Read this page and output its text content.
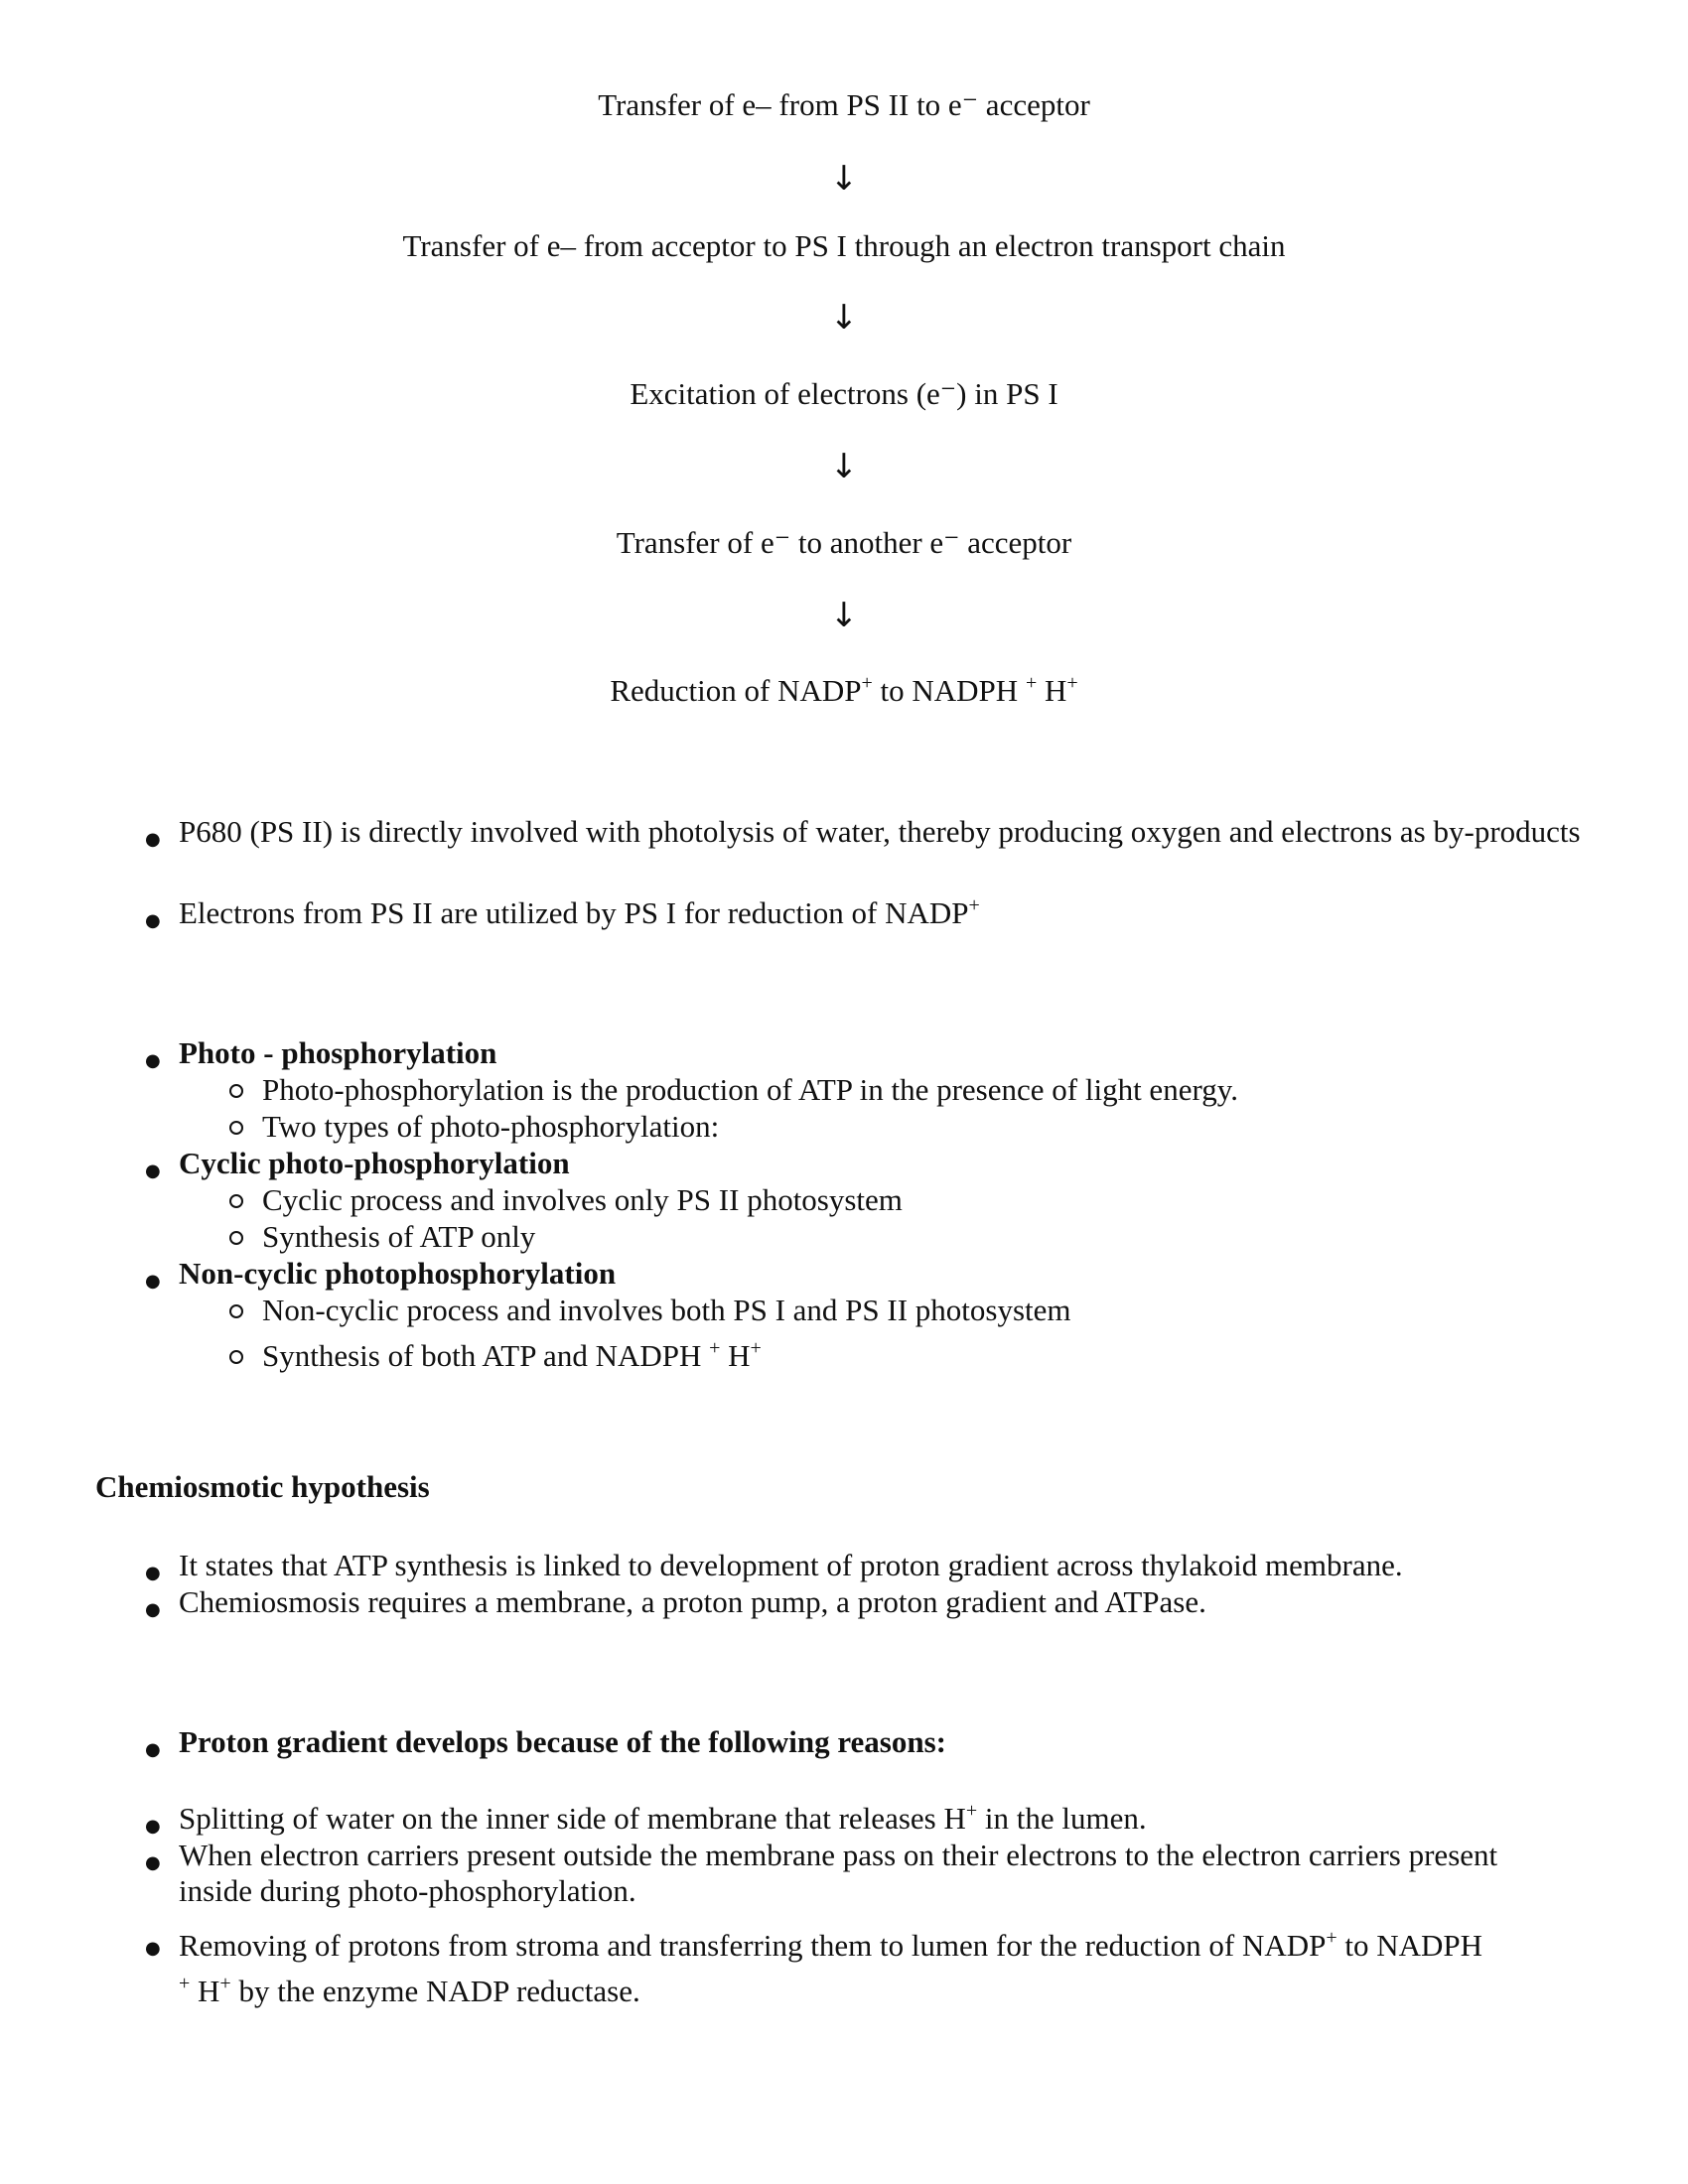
Transfer of e– from PS II to e⁻ acceptor
↓
Transfer of e– from acceptor to PS I through an electron transport chain
↓
Excitation of electrons (e⁻) in PS I
↓
Transfer of e⁻ to another e⁻ acceptor
↓
Reduction of NADP+ to NADPH + H+
● P680 (PS II) is directly involved with photolysis of water, thereby producing oxygen and electrons as by-products
● Electrons from PS II are utilized by PS I for reduction of NADP+
● Photo - phosphorylation
Photo-phosphorylation is the production of ATP in the presence of light energy.
Two types of photo-phosphorylation:
● Cyclic photo-phosphorylation
Cyclic process and involves only PS II photosystem
Synthesis of ATP only
● Non-cyclic photophosphorylation
Non-cyclic process and involves both PS I and PS II photosystem
Synthesis of both ATP and NADPH + H+
Chemiosmotic hypothesis
● It states that ATP synthesis is linked to development of proton gradient across thylakoid membrane.
● Chemiosmosis requires a membrane, a proton pump, a proton gradient and ATPase.
● Proton gradient develops because of the following reasons:
● Splitting of water on the inner side of membrane that releases H+ in the lumen.
● When electron carriers present outside the membrane pass on their electrons to the electron carriers present inside during photo-phosphorylation.
● Removing of protons from stroma and transferring them to lumen for the reduction of NADP+ to NADPH
+ H+ by the enzyme NADP reductase.
